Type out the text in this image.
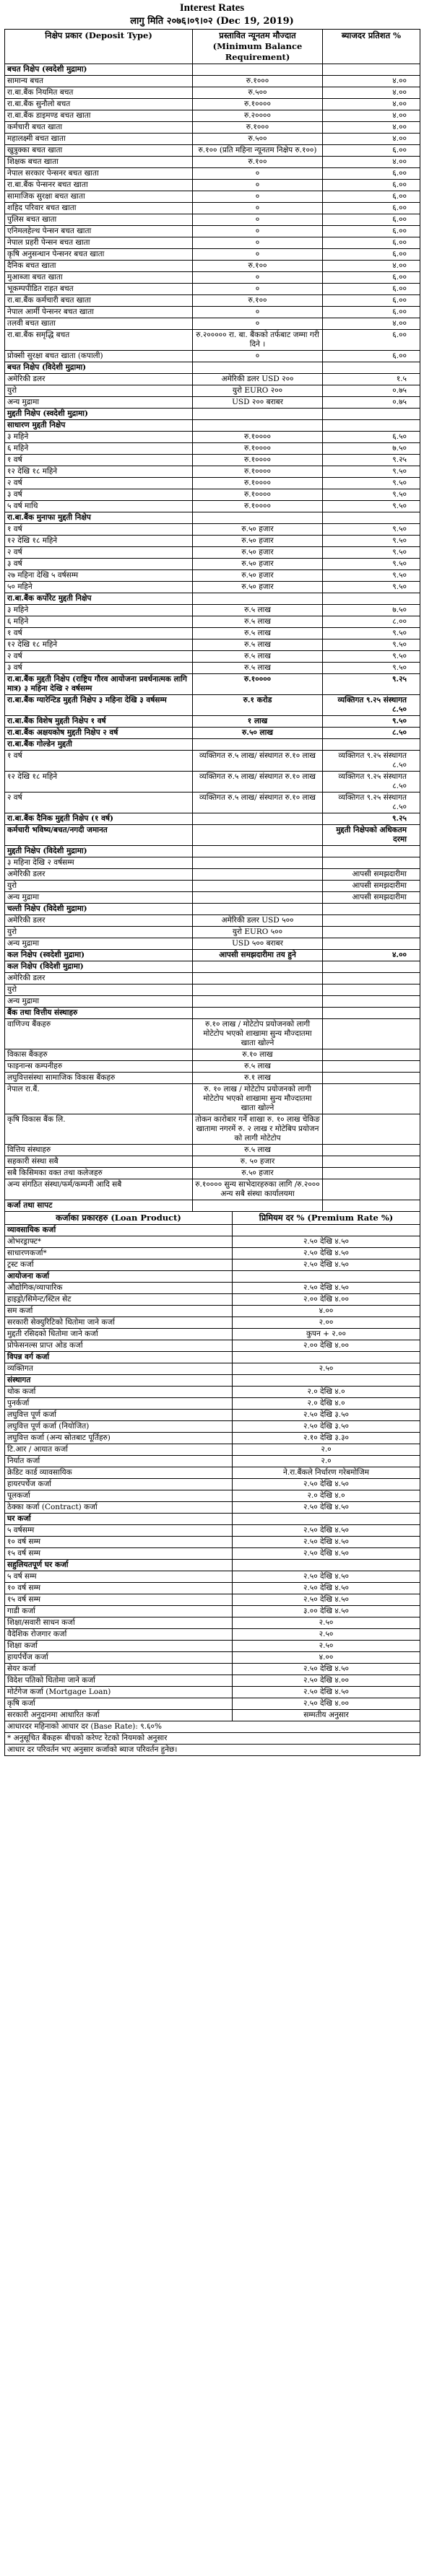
Interest Rates
लागु मिति २०७६।०९।०२ (Dec 19, 2019)
निक्षेप प्रकार (Deposit Type)	प्रस्तावित न्यूनतम मौज्दात (Minimum Balance Requirement)	ब्याजदर प्रतिशत %
बचत निक्षेप (स्वदेशी मुद्रामा)		
सामान्य बचत	रु.१०००	४.००
रा.बा.बैंक नियमित बचत	रु.५००	४.००
रा.बा.बैंक सुनौलो बचत	रु.१००००	४.००
रा.बा.बैंक डाइमण्ड बचत खाता	रु.२००००	४.००
कर्मचारी बचत खाता	रु.१०००	४.००
महालक्ष्मी बचत खाता	रु.५००	४.००
खुत्रुक्का बचत खाता	रु.१०० (प्रति महिना न्यूनतम निक्षेप रु.१००)	६.००
शिक्षक बचत खाता	रु.१००	४.००
नेपाल सरकार पेन्सनर बचत खाता	०	६.००
रा.बा.बैंक पेन्सनर बचत खाता	०	६.००
सामाजिक सुरक्षा बचत खाता	०	६.००
शहिद परिवार बचत खाता	०	६.००
पुलिस बचत खाता	०	६.००
एनिमलहेल्थ पेन्सन बचत खाता	०	६.००
नेपाल प्रहरी पेन्सन बचत खाता	०	६.००
कृषि अनुसन्धान पेन्सनर बचत खाता	०	६.००
दैनिक बचत खाता	रु.१००	४.००
मुआब्जा बचत खाता	०	६.००
भूकम्पपीडित राहत बचत	०	६.००
रा.बा.बैंक कर्मचारी बचत खाता	रु.१००	६.००
नेपाल आर्मी पेन्सनर बचत खाता	०	६.००
तलवी बचत खाता	०	४.००
रा.बा.बैंक समृद्धि बचत	रु.२००००० रा. बा. बैंकको तर्फबाट जम्मा गरी दिने ।	६.००
प्रोक्सी सुरक्षा बचत खाता (कपाली)	०	६.००
बचत निक्षेप (विदेशी मुद्रामा)		
अमेरिकी डलर	अमेरिकी डलर USD २००	१.५
युरो	युरो EURO २००	०.७५
अन्य मुद्रामा	USD २०० बराबर	०.७५
मुद्दती निक्षेप (स्वदेशी मुद्रामा)		
साधारण मुद्दती निक्षेप		
३ महिने	रु.१००००	६.५०
६ महिने	रु.१००००	७.५०
१ वर्ष	रु.१००००	९.२५
१२ देखि १८ महिने	रु.१००००	९.५०
२ वर्ष	रु.१००००	९.५०
३ वर्ष	रु.१००००	९.५०
५ वर्ष माथि	रु.१००००	९.५०
रा.बा.बैंक मुनाफा मुद्दती निक्षेप		
१ वर्ष	रु.५० हजार	९.५०
१२ देखि १८ महिने	रु.५० हजार	९.५०
२ वर्ष	रु.५० हजार	९.५०
३ वर्ष	रु.५० हजार	९.५०
२७ महिना देखि ५ वर्षसम्म	रु.५० हजार	९.५०
५० महिने	रु.५० हजार	९.५०
रा.बा.बैंक कर्पोरेट मुद्दती निक्षेप		
३ महिने	रु.५ लाख	७.५०
६ महिने	रु.५ लाख	८.००
१ वर्ष	रु.५ लाख	९.५०
१२ देखि १८ महिने	रु.५ लाख	९.५०
२ वर्ष	रु.५ लाख	९.५०
३ वर्ष	रु.५ लाख	९.५०
रा.बा.बैंक मुद्दती निक्षेप (राष्ट्रिय गौरव आयोजना प्रवर्धनात्मक लागि मात्र) ३ महिना देखि २ वर्षसम्म	रु.१००००	९.२५
रा.बा.बैंक ग्यारेन्टिड मुद्दती निक्षेप ३ महिना देखि ३ वर्षसम्म	रु.१ करोड	व्यक्तिगत ९.२५ संस्थागत ८.५०
रा.बा.बैंक विशेष मुद्दती निक्षेप १ वर्ष	१ लाख	९.५०
रा.बा.बैंक अक्षयकोष मुद्दती निक्षेप २ वर्ष	रु.५० लाख	८.५०
रा.बा.बैंक गोल्डेन मुद्दती		
१ वर्ष	व्यक्तिगत रु.५ लाख/ संस्थागत रु.१० लाख	व्यक्तिगत ९.२५ संस्थागत ८.५०
१२ देखि १८ महिने	व्यक्तिगत रु.५ लाख/ संस्थागत रु.१० लाख	व्यक्तिगत ९.२५ संस्थागत ८.५०
२ वर्ष	व्यक्तिगत रु.५ लाख/ संस्थागत रु.१० लाख	व्यक्तिगत ९.२५ संस्थागत ८.५०
रा.बा.बैंक दैनिक मुद्दती निक्षेप (१ वर्ष)		९.२५
कर्मचारी भविष्य/बचत/नगदी जमानत		मुद्दती निक्षेपको अधिकतम दरमा
मुद्दती निक्षेप (विदेशी मुद्रामा)		
३ महिना देखि २ वर्षसम्म		
अमेरिकी डलर		आपसी समझदारीमा
युरो		आपसी समझदारीमा
अन्य मुद्रामा		आपसी समझदारीमा
चल्ती निक्षेप (विदेशी मुद्रामा)		
अमेरिकी डलर	अमेरिकी डलर USD ५००	
युरो	युरो EURO ५००	
अन्य मुद्रामा	USD ५०० बराबर	
कल निक्षेप (स्वदेशी मुद्रामा)	आपसी समझदारीमा तय हुने	४.००
कल निक्षेप (विदेशी मुद्रामा)		
अमेरिकी डलर		
युरो		
अन्य मुद्रामा		
बैंक तथा वित्तीय संस्थाहरु		
वाणिज्य बैंकहरु	रु.१० लाख / मोटेटोप प्रयोजनको लागी मोटेटोप भएको शाखामा सुन्य मौज्दातमा खाता खोल्ने	
विकास बैंकहरु	रु.१० लाख	
फाइनान्स कम्पनीहरु	रु.५ लाख	
लघुवित्तसंस्था सामाजिक विकास बैंकहरु	रु.१ लाख	
नेपाल रा.बैं.	रु. १० लाख / मोटेटोप प्रयोजनको लागी मोटेटोप भएको शाखामा सुन्य मौज्दातमा खाता खोल्ने	
कृषि विकास बैंक लि.	तोकन कारोबार गर्ने शाखा रु. १० लाख चेकिङ खातामा नगरमें रु. २ लाख र मोटेबिप प्रयोजन को लागी मोटेटोप	
वित्तिय संस्थाहरु	रु.५ लाख	
सहकारी संस्था सबै	रु. ५० हजार	
सबै किसिमका वक्त तथा कलेजहरु	रु.५० हजार	
अन्य संगठित संस्था/फर्म/कम्पनी आदि सबै	रु.१०००० सुन्य साभेदारहरुका लागि /रु.२००० अन्य सबै संस्था कार्यालयमा	
कर्जा तथा सापट		
कर्जाका प्रकारहरु (Loan Product)	प्रिमियम दर % (Premium Rate %)
व्यावसायिक कर्जा	
ओभरड्राफ्ट*	२.५० देखि ४.५०
साधारणकर्जा*	२.५० देखि ४.५०
ट्रस्ट कर्जा	२.५० देखि ४.५०
आयोजना कर्जा	
औद्योगिक/व्यापारिक	२.५० देखि ४.५०
हाइड्रो/सिमेन्ट/स्टिल सेट	२.०० देखि ४.००
सम कर्जा	४.००
सरकारी सेक्युरिटिको धितोमा जाने कर्जा	२.००
मुद्दती रसिदको धितोमा जाने कर्जा	कुपन + २.००
प्रोफेसनल्स प्राप्त ओड कर्जा	२.०० देखि ४.००
विपन्न वर्ग कर्जा	
व्यक्तिगत	२.५०
संस्थागत	
थोक कर्जा	२.० देखि ४.०
पुनर्कर्जा	२.० देखि ४.०
लघुवित्त पूर्ण कर्जा	२.५० देखि ३.५०
लघुवित्त पूर्ण कर्जा (नियोजित)	२.५० देखि ३.५०
लघुवित्त कर्जा (अन्य स्रोतबाट पूर्तिहरु)	२.१० देखि ३.३०
टि.आर / आयात कर्जा	२.०
निर्यात कर्जा	२.०
क्रेडिट कार्ड व्यावसायिक	ने.रा.बैंकले निर्धारण गरेबमोजिम
हायरपर्चेज कर्जा	२.५० देखि ४.५०
पूलकर्जा	२.० देखि ४.०
ठेक्का कर्जा (Contract) कर्जा	२.५० देखि ४.५०
घर कर्जा	
५ वर्षसम्म	२.५० देखि ४.५०
१० वर्ष सम्म	२.५० देखि ४.५०
१५ वर्ष सम्म	२.५० देखि ४.५०
सहुलियतपूर्ण घर कर्जा	
५ वर्ष सम्म	२.५० देखि ४.५०
१० वर्ष सम्म	२.५० देखि ४.५०
१५ वर्ष सम्म	२.५० देखि ४.५०
गाडी कर्जा	३.०० देखि ४.५०
शिक्षा/सवारी साधन कर्जा	२.५०
वैदेशिक रोजगार कर्जा	२.५०
शिक्षा कर्जा	२.५०
हायर्पर्चेज कर्जा	४.००
सेयर कर्जा	२.५० देखि ४.५०
विदेश पतिको धितोमा जाने कर्जा	२.५० देखि ४.००
मोर्टगेज कर्जा (Mortgage Loan)	२.५० देखि ४.५०
कृषि कर्जा	२.५० देखि ४.००
सरकारी अनुदानमा आधारित कर्जा	सम्मतीय अनुसार
आधारदर महिनाको आधार दर (Base Rate): ९.६०%	
* अनुसूचित बैंकहरू बीचको करेण्ट रेटको नियमको अनुसार	
आधार दर परिवर्तन भए अनुसार कर्जाको ब्याज परिवर्तन हुनेछ।	
